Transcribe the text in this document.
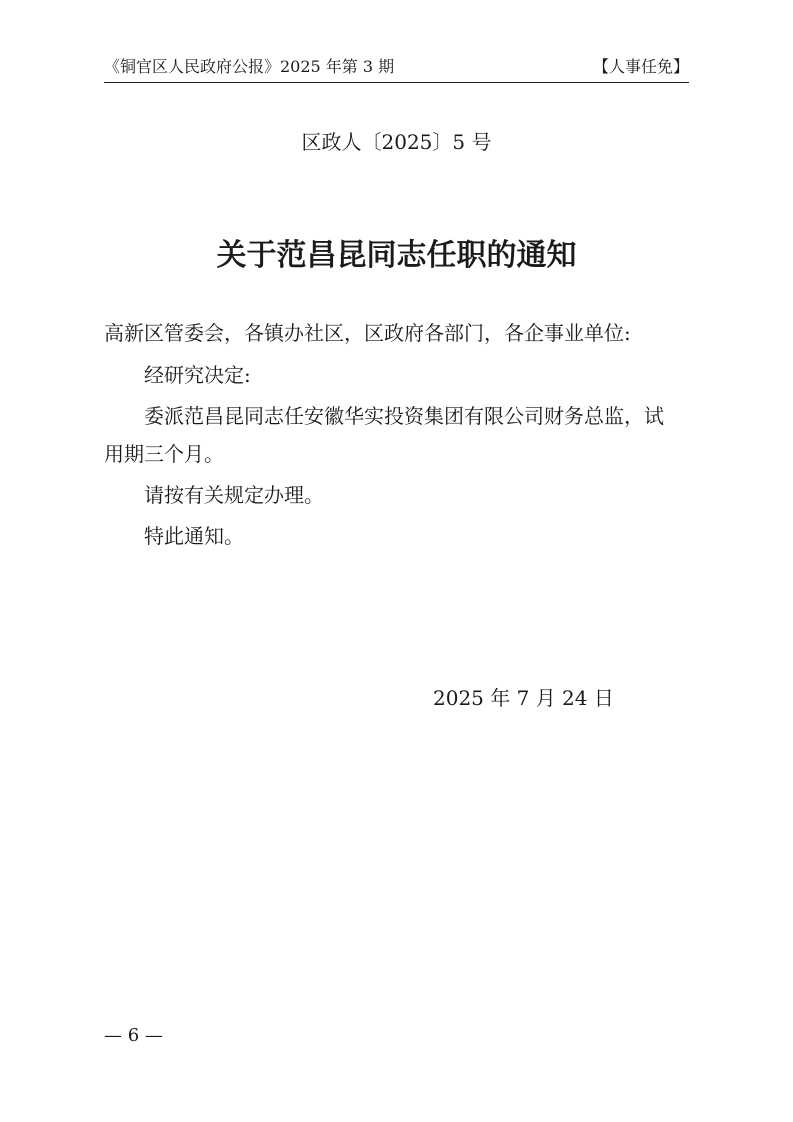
《铜官区人民政府公报》2025 年第 3 期	【人事任免】
区政人〔2025〕5 号
关于范昌昆同志任职的通知
高新区管委会，各镇办社区，区政府各部门，各企事业单位:
经研究决定:
委派范昌昆同志任安徽华实投资集团有限公司财务总监，试
用期三个月。
请按有关规定办理。
特此通知。
2025 年 7 月 24 日
— 6 —
